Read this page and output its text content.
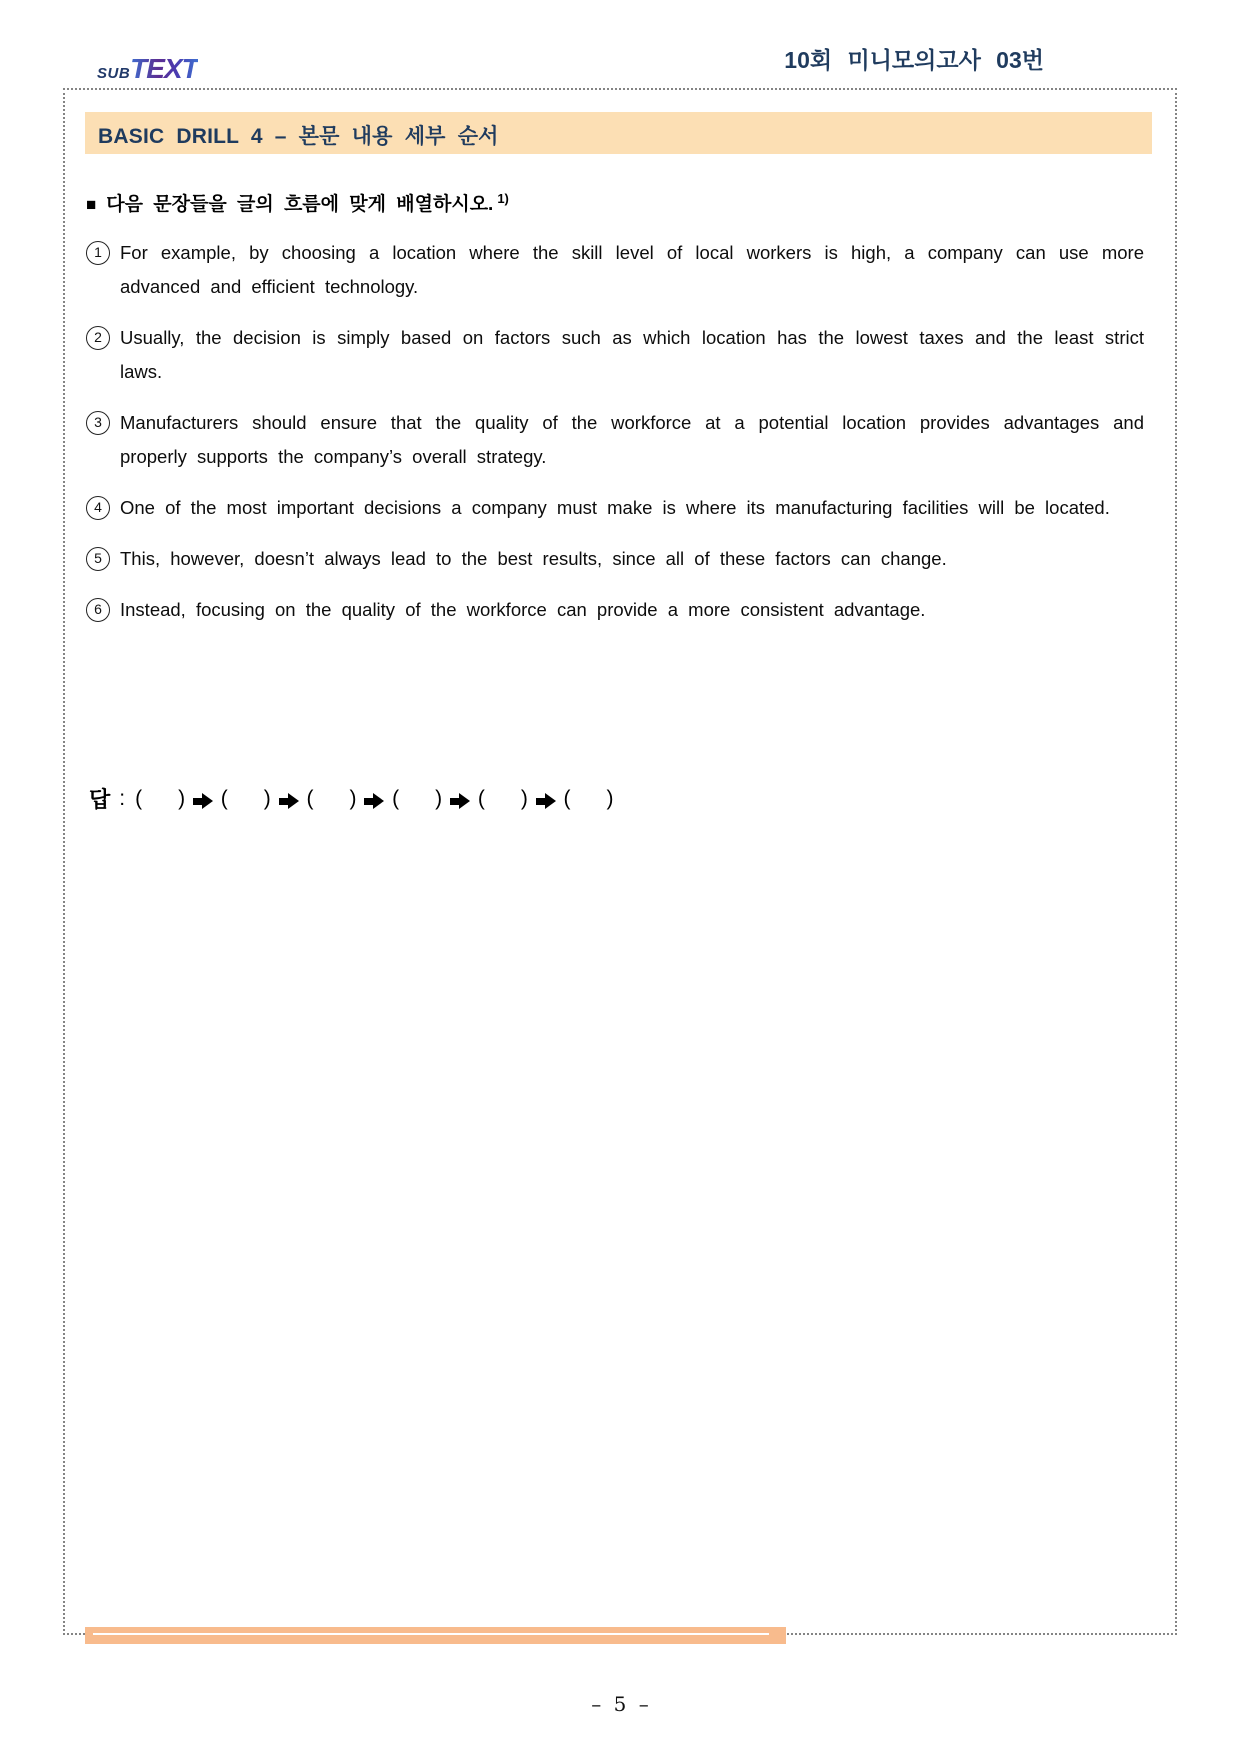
SUB TEXT	10회 미니모의고사 03번
BASIC DRILL 4 – 본문 내용 세부 순서
■ 다음 문장들을 글의 흐름에 맞게 배열하시오. $^{1)}$
1 For example, by choosing a location where the skill level of local workers is high, a company can use more advanced and efficient technology.
2 Usually, the decision is simply based on factors such as which location has the lowest taxes and the least strict laws.
3 Manufacturers should ensure that the quality of the workforce at a potential location provides advantages and properly supports the company’s overall strategy.
4 One of the most important decisions a company must make is where its manufacturing facilities will be located.
5 This, however, doesn’t always lead to the best results, since all of these factors can change.
6 Instead, focusing on the quality of the workforce can provide a more consistent advantage.
답 : ( )

( )

( )

( )

( )

( )
– 5 –
